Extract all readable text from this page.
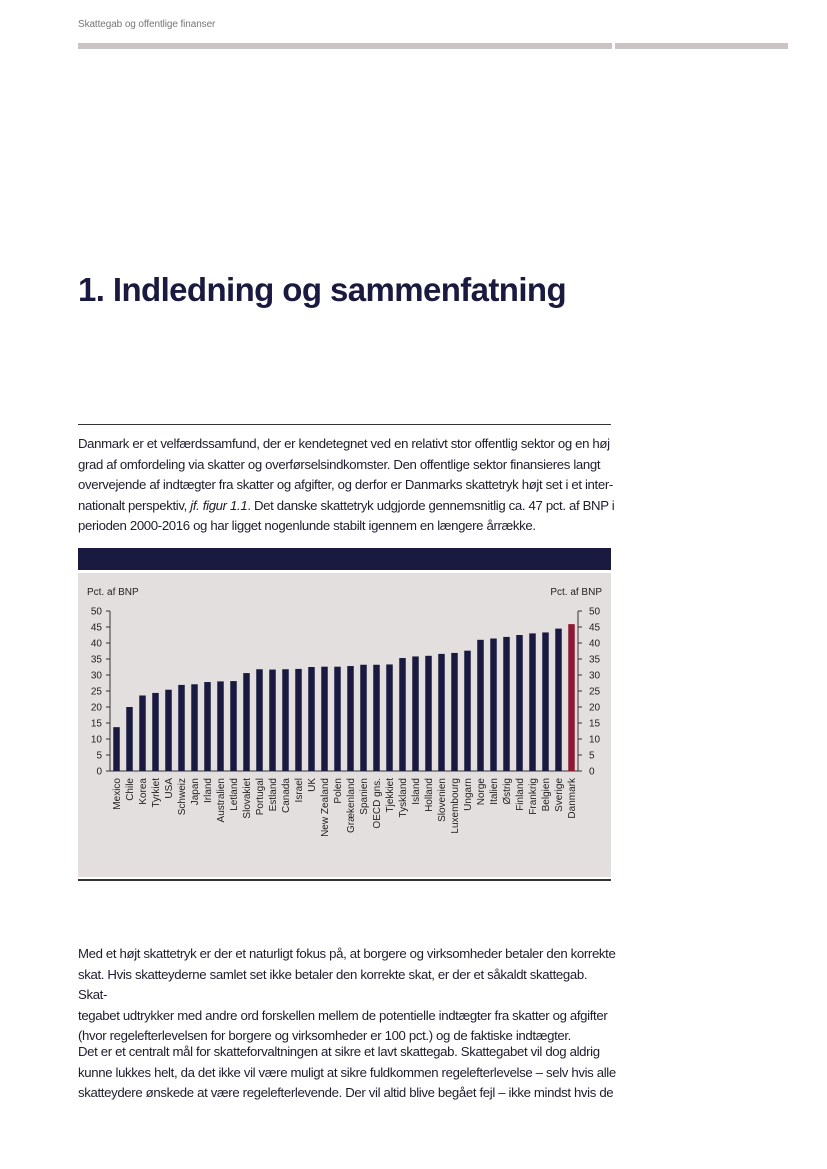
Skattegab og offentlige finanser
1. Indledning og sammenfatning
Danmark er et velfærdssamfund, der er kendetegnet ved en relativt stor offentlig sektor og en høj
grad af omfordeling via skatter og overførselsindkomster. Den offentlige sektor finansieres langt
overvejende af indtægter fra skatter og afgifter, og derfor er Danmarks skattetryk højt set i et inter-
nationalt perspektiv, jf. figur 1.1. Det danske skattetryk udgjorde gennemsnitlig ca. 47 pct. af BNP i
perioden 2000-2016 og har ligget nogenlunde stabilt igennem en længere årrække.
Pct. af BNP	Pct. af BNP
0	0
5	5
10	10
15	15
20	20
25	25
30	30
35	35
40	40
45	45
50	50
Mexico Chile Korea Tyrkiet USA Schweiz Japan Irland Australien Letland Slovakiet Portugal Estland Canada Israel UK New Zealand Polen Grækenland Spanien OECD gns. Tjekkiet Tyskland Island Holland Slovenien Luxembourg Ungarn Norge Italien Østrig Finland Frankrig Belgien Sverige Danmark
Med et højt skattetryk er der et naturligt fokus på, at borgere og virksomheder betaler den korrekte
skat. Hvis skatteyderne samlet set ikke betaler den korrekte skat, er der et såkaldt skattegab. Skat-
tegabet udtrykker med andre ord forskellen mellem de potentielle indtægter fra skatter og afgifter
(hvor regelefterlevelsen for borgere og virksomheder er 100 pct.) og de faktiske indtægter.
Det er et centralt mål for skatteforvaltningen at sikre et lavt skattegab. Skattegabet vil dog aldrig
kunne lukkes helt, da det ikke vil være muligt at sikre fuldkommen regelefterlevelse – selv hvis alle
skatteydere ønskede at være regelefterlevende. Der vil altid blive begået fejl – ikke mindst hvis de
